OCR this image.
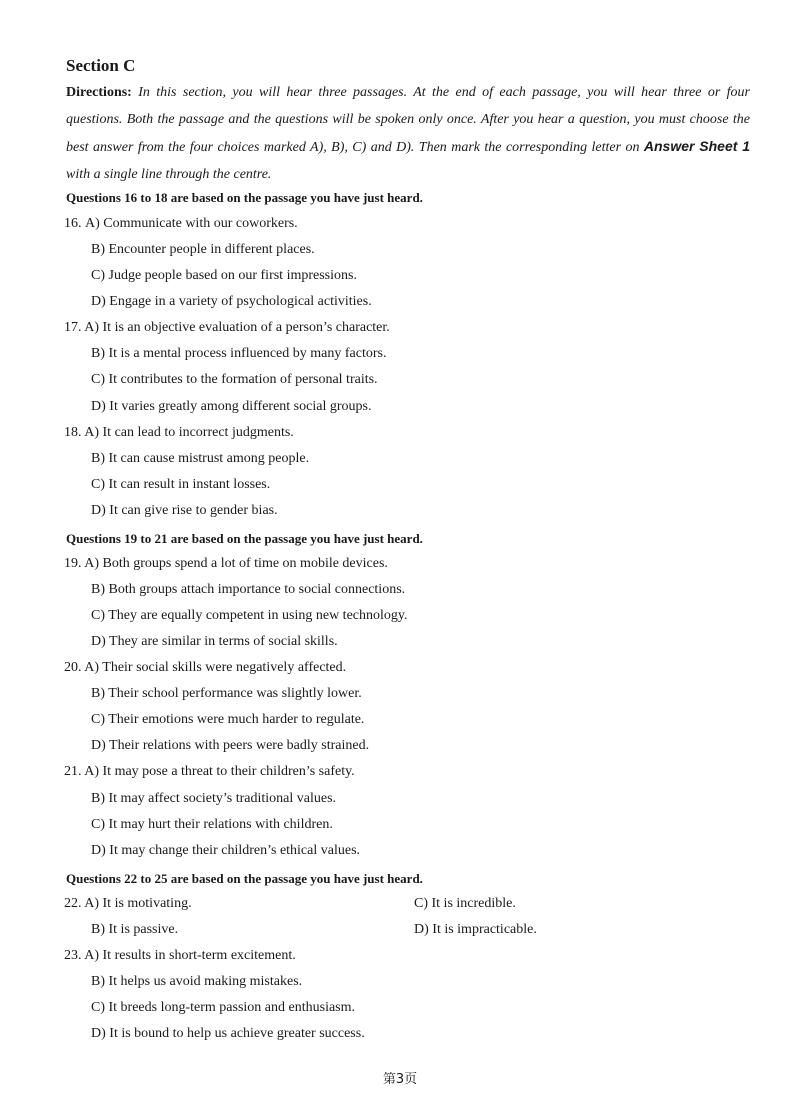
Section C
Directions: In this section, you will hear three passages. At the end of each passage, you will hear three or four questions. Both the passage and the questions will be spoken only once. After you hear a question, you must choose the best answer from the four choices marked A), B), C) and D). Then mark the corresponding letter on Answer Sheet 1 with a single line through the centre.
Questions 16 to 18 are based on the passage you have just heard.
16. A) Communicate with our coworkers.
B) Encounter people in different places.
C) Judge people based on our first impressions.
D) Engage in a variety of psychological activities.
17. A) It is an objective evaluation of a person’s character.
B) It is a mental process influenced by many factors.
C) It contributes to the formation of personal traits.
D) It varies greatly among different social groups.
18. A) It can lead to incorrect judgments.
B) It can cause mistrust among people.
C) It can result in instant losses.
D) It can give rise to gender bias.
Questions 19 to 21 are based on the passage you have just heard.
19. A) Both groups spend a lot of time on mobile devices.
B) Both groups attach importance to social connections.
C) They are equally competent in using new technology.
D) They are similar in terms of social skills.
20. A) Their social skills were negatively affected.
B) Their school performance was slightly lower.
C) Their emotions were much harder to regulate.
D) Their relations with peers were badly strained.
21. A) It may pose a threat to their children’s safety.
B) It may affect society’s traditional values.
C) It may hurt their relations with children.
D) It may change their children’s ethical values.
Questions 22 to 25 are based on the passage you have just heard.
22. A) It is motivating.	C) It is incredible.
B) It is passive.	D) It is impracticable.
23. A) It results in short-term excitement.
B) It helps us avoid making mistakes.
C) It breeds long-term passion and enthusiasm.
D) It is bound to help us achieve greater success.
第3页
